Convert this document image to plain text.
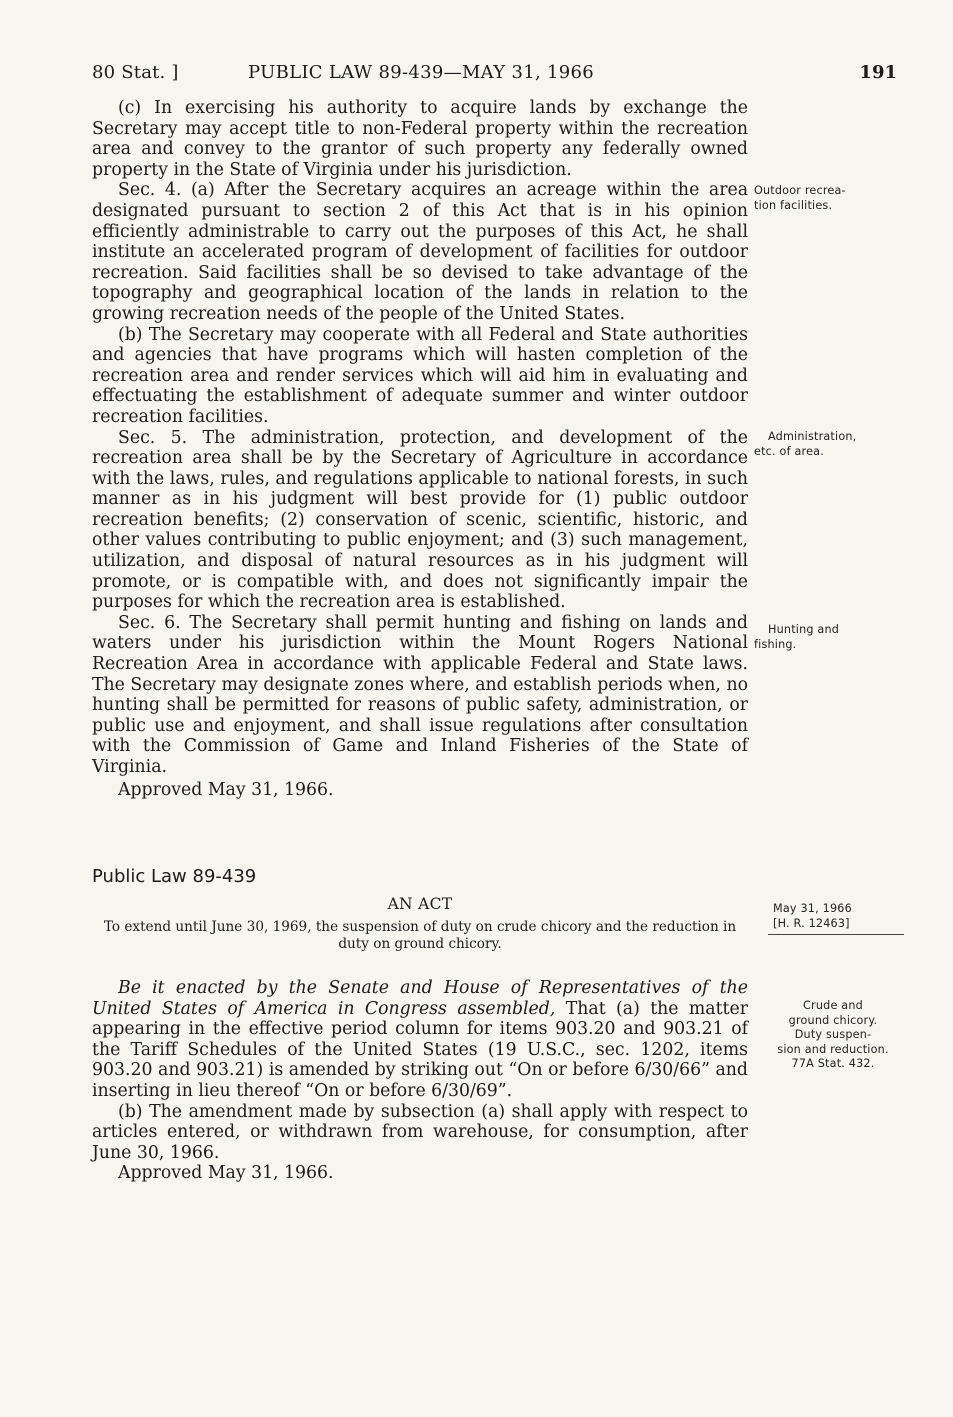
80 Stat. ]	PUBLIC LAW 89-439—MAY 31, 1966	191

(c) In exercising his authority to acquire lands by exchange the Secretary may accept title to non-Federal property within the recreation area and convey to the grantor of such property any federally owned property in the State of Virginia under his jurisdiction.

Sec. 4. (a) After the Secretary acquires an acreage within the area designated pursuant to section 2 of this Act that is in his opinion efficiently administrable to carry out the purposes of this Act, he shall institute an accelerated program of development of facilities for outdoor recreation. Said facilities shall be so devised to take advantage of the topography and geographical location of the lands in relation to the growing recreation needs of the people of the United States.

(b) The Secretary may cooperate with all Federal and State authorities and agencies that have programs which will hasten completion of the recreation area and render services which will aid him in evaluating and effectuating the establishment of adequate summer and winter outdoor recreation facilities.

Sec. 5. The administration, protection, and development of the recreation area shall be by the Secretary of Agriculture in accordance with the laws, rules, and regulations applicable to national forests, in such manner as in his judgment will best provide for (1) public outdoor recreation benefits; (2) conservation of scenic, scientific, historic, and other values contributing to public enjoyment; and (3) such management, utilization, and disposal of natural resources as in his judgment will promote, or is compatible with, and does not significantly impair the purposes for which the recreation area is established.

Sec. 6. The Secretary shall permit hunting and fishing on lands and waters under his jurisdiction within the Mount Rogers National Recreation Area in accordance with applicable Federal and State laws. The Secretary may designate zones where, and establish periods when, no hunting shall be permitted for reasons of public safety, administration, or public use and enjoyment, and shall issue regulations after consultation with the Commission of Game and Inland Fisheries of the State of Virginia.

Approved May 31, 1966.

Public Law 89-439
AN ACT
To extend until June 30, 1969, the suspension of duty on crude chicory and the reduction in duty on ground chicory.

Be it enacted by the Senate and House of Representatives of the United States of America in Congress assembled, That (a) the matter appearing in the effective period column for items 903.20 and 903.21 of the Tariff Schedules of the United States (19 U.S.C., sec. 1202, items 903.20 and 903.21) is amended by striking out “On or before 6/30/66” and inserting in lieu thereof “On or before 6/30/69”.

(b) The amendment made by subsection (a) shall apply with respect to articles entered, or withdrawn from warehouse, for consumption, after June 30, 1966.

Approved May 31, 1966.

Outdoor recrea-
tion facilities.
Administration,
etc. of area.
Hunting and
fishing.
May 31, 1966
[H. R. 12463]
Crude and
ground chicory.
Duty suspen-
sion and reduction.
77A Stat. 432.
